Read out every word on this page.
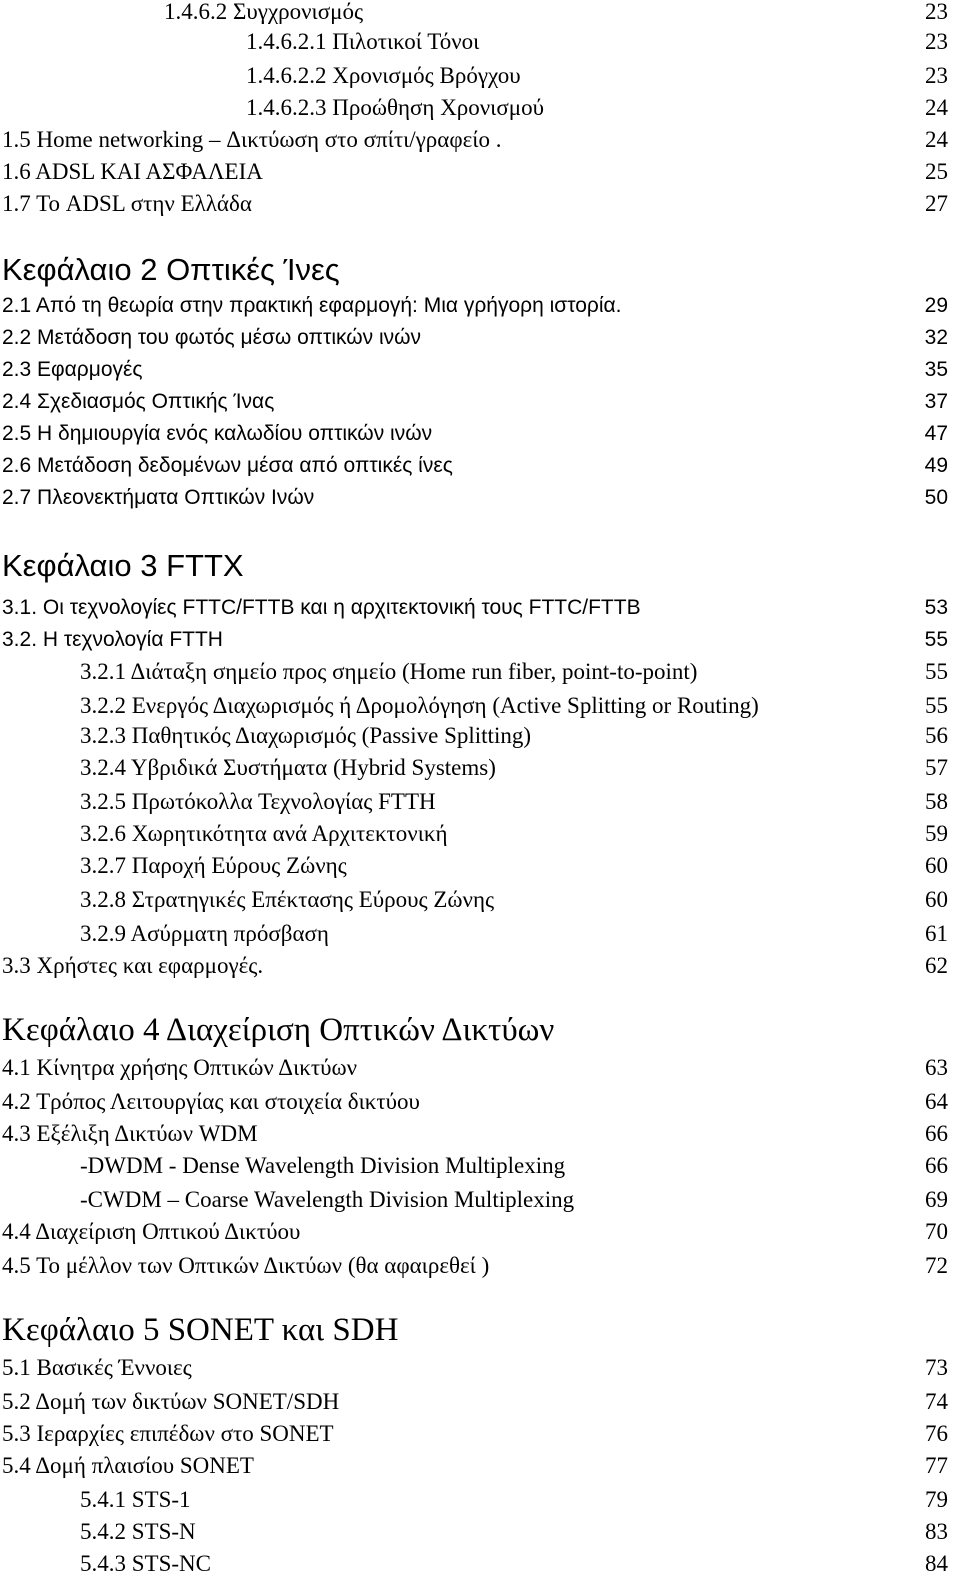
1.4.6.2 Συγχρονισμός	23
1.4.6.2.1 Πιλοτικοί Τόνοι	23
1.4.6.2.2 Χρονισμός Βρόγχου	23
1.4.6.2.3 Προώθηση Χρονισμού	24
1.5 Home networking – Δικτύωση στο σπίτι/γραφείο .	24
1.6 ADSL ΚΑΙ ΑΣΦΑΛΕΙΑ	25
1.7 Το ADSL στην Ελλάδα	27
Κεφάλαιο 2 Οπτικές Ίνες
2.1 Από τη θεωρία στην πρακτική εφαρμογή: Μια γρήγορη ιστορία.	29
2.2 Μετάδοση του φωτός μέσω οπτικών ινών	32
2.3 Εφαρμογές	35
2.4 Σχεδιασμός Οπτικής Ίνας	37
2.5 Η δημιουργία ενός καλωδίου οπτικών ινών	47
2.6 Μετάδοση δεδομένων μέσα από οπτικές ίνες	49
2.7 Πλεονεκτήματα Οπτικών Ινών	50
Κεφάλαιο 3 FTTX
3.1. Οι τεχνολογίες FTTC/FTTB και η αρχιτεκτονική τους FTTC/FTTB	53
3.2. Η τεχνολογία FTTH	55
3.2.1 Διάταξη σημείο προς σημείο (Home run fiber, point-to-point)	55
3.2.2 Ενεργός Διαχωρισμός ή Δρομολόγηση (Active Splitting or Routing)	55
3.2.3 Παθητικός Διαχωρισμός (Passive Splitting)	56
3.2.4 Υβριδικά Συστήματα (Hybrid Systems)	57
3.2.5 Πρωτόκολλα Τεχνολογίας FTTH	58
3.2.6 Χωρητικότητα ανά Αρχιτεκτονική	59
3.2.7 Παροχή Εύρους Ζώνης	60
3.2.8 Στρατηγικές Επέκτασης Εύρους Ζώνης	60
3.2.9 Ασύρματη πρόσβαση	61
3.3 Χρήστες και εφαρμογές.	62
Κεφάλαιο 4 Διαχείριση Οπτικών Δικτύων
4.1 Κίνητρα χρήσης Οπτικών Δικτύων	63
4.2 Τρόπος Λειτουργίας και στοιχεία δικτύου	64
4.3 Εξέλιξη Δικτύων WDM	66
-DWDM - Dense Wavelength Division Multiplexing	66
-CWDM – Coarse Wavelength Division Multiplexing	69
4.4 Διαχείριση Οπτικού Δικτύου	70
4.5 Το μέλλον των Οπτικών Δικτύων (θα αφαιρεθεί )	72
Κεφάλαιο 5 SONET και SDH
5.1 Βασικές Έννοιες	73
5.2 Δομή των δικτύων SONET/SDH	74
5.3 Ιεραρχίες επιπέδων στο SONET	76
5.4 Δομή πλαισίου SONET	77
5.4.1 STS-1	79
5.4.2 STS-N	83
5.4.3 STS-NC	84
